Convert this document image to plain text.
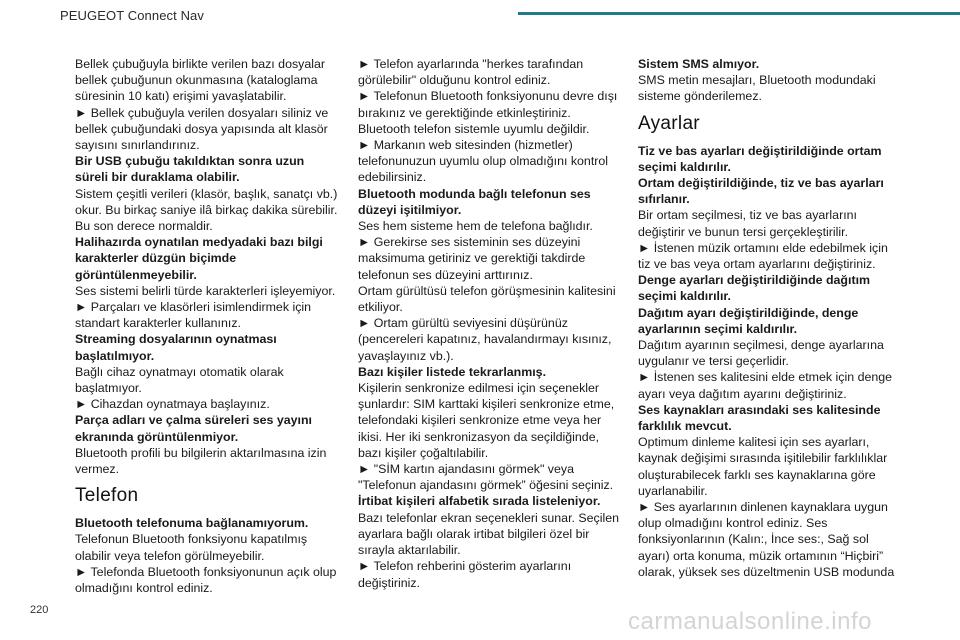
PEUGEOT Connect Nav

Bellek çubuğuyla birlikte verilen bazı dosyalar bellek çubuğunun okunmasına (kataloglama süresinin 10 katı) erişimi yavaşlatabilir.

► Bellek çubuğuyla verilen dosyaları siliniz ve bellek çubuğundaki dosya yapısında alt klasör sayısını sınırlandırınız.

Bir USB çubuğu takıldıktan sonra uzun süreli bir duraklama olabilir.

Sistem çeşitli verileri (klasör, başlık, sanatçı vb.) okur. Bu birkaç saniye ilâ birkaç dakika sürebilir.

Bu son derece normaldir.

Halihazırda oynatılan medyadaki bazı bilgi karakterler düzgün biçimde görüntülenmeyebilir.

Ses sistemi belirli türde karakterleri işleyemiyor.

► Parçaları ve klasörleri isimlendirmek için standart karakterler kullanınız.

Streaming dosyalarının oynatması başlatılmıyor.

Bağlı cihaz oynatmayı otomatik olarak başlatmıyor.

► Cihazdan oynatmaya başlayınız.

Parça adları ve çalma süreleri ses yayını ekranında görüntülenmiyor.

Bluetooth profili bu bilgilerin aktarılmasına izin vermez.

Telefon

Bluetooth telefonuma bağlanamıyorum.

Telefonun Bluetooth fonksiyonu kapatılmış olabilir veya telefon görülmeyebilir.

► Telefonda Bluetooth fonksiyonunun açık olup olmadığını kontrol ediniz.

► Telefon ayarlarında "herkes tarafından görülebilir" olduğunu kontrol ediniz.

► Telefonun Bluetooth fonksiyonunu devre dışı bırakınız ve gerektiğinde etkinleştiriniz.

Bluetooth telefon sistemle uyumlu değildir.

► Markanın web sitesinden (hizmetler) telefonunuzun uyumlu olup olmadığını kontrol edebilirsiniz.

Bluetooth modunda bağlı telefonun ses düzeyi işitilmiyor.

Ses hem sisteme hem de telefona bağlıdır.

► Gerekirse ses sisteminin ses düzeyini maksimuma getiriniz ve gerektiği takdirde telefonun ses düzeyini arttırınız.

Ortam gürültüsü telefon görüşmesinin kalitesini etkiliyor.

► Ortam gürültü seviyesini düşürünüz (pencereleri kapatınız, havalandırmayı kısınız, yavaşlayınız vb.).

Bazı kişiler listede tekrarlanmış.

Kişilerin senkronize edilmesi için seçenekler şunlardır: SIM karttaki kişileri senkronize etme, telefondaki kişileri senkronize etme veya her ikisi. Her iki senkronizasyon da seçildiğinde, bazı kişiler çoğaltılabilir.

► "SİM kartın ajandasını görmek" veya "Telefonun ajandasını görmek” öğesini seçiniz.

İrtibat kişileri alfabetik sırada listeleniyor.

Bazı telefonlar ekran seçenekleri sunar. Seçilen ayarlara bağlı olarak irtibat bilgileri özel bir sırayla aktarılabilir.

► Telefon rehberini gösterim ayarlarını değiştiriniz.

Sistem SMS almıyor.

SMS metin mesajları, Bluetooth modundaki sisteme gönderilemez.

Ayarlar

Tiz ve bas ayarları değiştirildiğinde ortam seçimi kaldırılır.

Ortam değiştirildiğinde, tiz ve bas ayarları sıfırlanır.

Bir ortam seçilmesi, tiz ve bas ayarlarını değiştirir ve bunun tersi gerçekleştirilir.

► İstenen müzik ortamını elde edebilmek için tiz ve bas veya ortam ayarlarını değiştiriniz.

Denge ayarları değiştirildiğinde dağıtım seçimi kaldırılır.

Dağıtım ayarı değiştirildiğinde, denge ayarlarının seçimi kaldırılır.

Dağıtım ayarının seçilmesi, denge ayarlarına uygulanır ve tersi geçerlidir.

► İstenen ses kalitesini elde etmek için denge ayarı veya dağıtım ayarını değiştiriniz.

Ses kaynakları arasındaki ses kalitesinde farklılık mevcut.

Optimum dinleme kalitesi için ses ayarları, kaynak değişimi sırasında işitilebilir farklılıklar oluşturabilecek farklı ses kaynaklarına göre uyarlanabilir.

► Ses ayarlarının dinlenen kaynaklara uygun olup olmadığını kontrol ediniz. Ses fonksiyonlarının (Kalın:, İnce ses:, Sağ sol ayarı) orta konuma, müzik ortamının “Hiçbiri” olarak, yüksek ses düzeltmenin USB modunda

220	carmanualsonline.info
